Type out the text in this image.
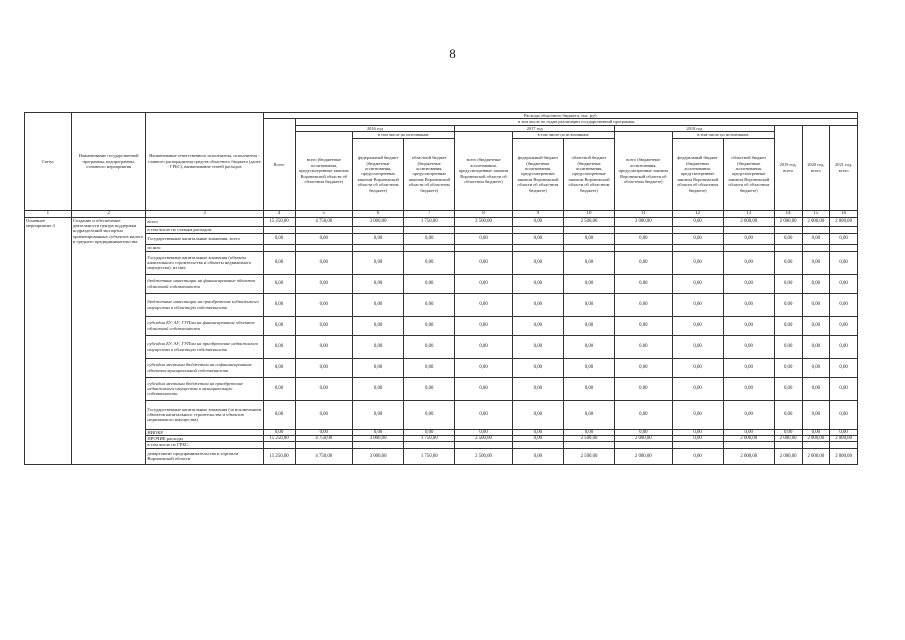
8
Статус	Наименование государственной программы, подпрограммы, основного мероприятия	Наименование ответственного исполнителя, исполнителя - главного распорядителя средств областного бюджета (далее - ГРБС), наименование статей расходов	Расходы областного бюджета, тыс. руб												
			Всего	в том числе по годам реализации государственной программы											
				2016 год			2017 год			2018 год			2019 год, всего	2020 год, всего	2021 год, всего
				всего (бюджетные ассигнования, предусмотренные законом Воронежской области об областном бюджете)	в том числе по источникам:		всего (бюджетные ассигнования, предусмотренные законом Воронежской области об областном бюджете)	в том числе по источникам:		всего (бюджетные ассигнования, предусмотренные законом Воронежской области об областном бюджете)	в том числе по источникам:				
					федеральный бюджет (бюджетные ассигнования, предусмотренные законом Воронежской области об областном бюджете)	областной бюджет (бюджетные ассигнования, предусмотренные законом Воронежской области об областном бюджете)		федеральный бюджет (бюджетные ассигнования, предусмотренные законом Воронежской области об областном бюджете)	областной бюджет (бюджетные ассигнования, предусмотренные законом Воронежской области об областном бюджете)		федеральный бюджет (бюджетные ассигнования, предусмотренные законом Воронежской области об областном бюджете)	областной бюджет (бюджетные ассигнования, предусмотренные законом Воронежской области об областном бюджете)			
1	2	3	4	5	6	7	8	9	10	11	12	13	14	15	16
Основное мероприятие 4	Создание и обеспечение деятельности центра поддержки подразделений экспортно ориентированных субъектов малого и среднего предпринимательства	всего	15 250,00	4 750,00	3 000,00	1 750,00	2 500,00	0,00	2 500,00	3 000,00	0,00	2 000,00	2 000,00	2 000,00	2 000,00
		в том числе по статьям расходов:													
		Государственные капитальные вложения, всего	0,00	0,00	0,00	0,00	0,00	0,00	0,00	0,00	0,00	0,00	0,00	0,00	0,00
		из них:													
		Государственные капитальные вложения (объекты капитального строительства и объекты недвижимого имущества), из них:	0,00	0,00	0,00	0,00	0,00	0,00	0,00	0,00	0,00	0,00	0,00	0,00	0,00
		бюджетные инвестиции на финансирование объектов областной собственности	0,00	0,00	0,00	0,00	0,00	0,00	0,00	0,00	0,00	0,00	0,00	0,00	0,00
		бюджетные инвестиции на приобретение недвижимого имущества в областную собственность	0,00	0,00	0,00	0,00	0,00	0,00	0,00	0,00	0,00	0,00	0,00	0,00	0,00
		субсидии БУ, АУ, ГУПам на финансирование объектов областной собственности	0,00	0,00	0,00	0,00	0,00	0,00	0,00	0,00	0,00	0,00	0,00	0,00	0,00
		субсидии БУ, АУ, ГУПам на приобретение недвижимого имущества в областную собственность	0,00	0,00	0,00	0,00	0,00	0,00	0,00	0,00	0,00	0,00	0,00	0,00	0,00
		субсидии местным бюджетам на софинансирование объектов муниципальной собственности	0,00	0,00	0,00	0,00	0,00	0,00	0,00	0,00	0,00	0,00	0,00	0,00	0,00
		субсидии местным бюджетам на приобретение недвижимого имущества в муниципальную собственность	0,00	0,00	0,00	0,00	0,00	0,00	0,00	0,00	0,00	0,00	0,00	0,00	0,00
		Государственные капитальные вложения (за исключением объектов капитального строительства и объектов недвижимого имущества)	0,00	0,00	0,00	0,00	0,00	0,00	0,00	0,00	0,00	0,00	0,00	0,00	0,00
		НИОКР	0,00	0,00	0,00	0,00	0,00	0,00	0,00	0,00	0,00	0,00	0,00	0,00	0,00
		ПРОЧИЕ расходы	15 250,00	4 750,00	3 000,00	1 750,00	2 500,00	0,00	2 500,00	2 000,00	0,00	2 000,00	2 000,00	2 000,00	2 000,00
		в том числе по ГРБС:													
		департамент предпринимательства и торговли Воронежской области	15 250,00	4 750,00	3 000,00	1 750,00	2 500,00	0,00	2 500,00	2 000,00	0,00	2 000,00	2 000,00	2 000,00	2 000,00
